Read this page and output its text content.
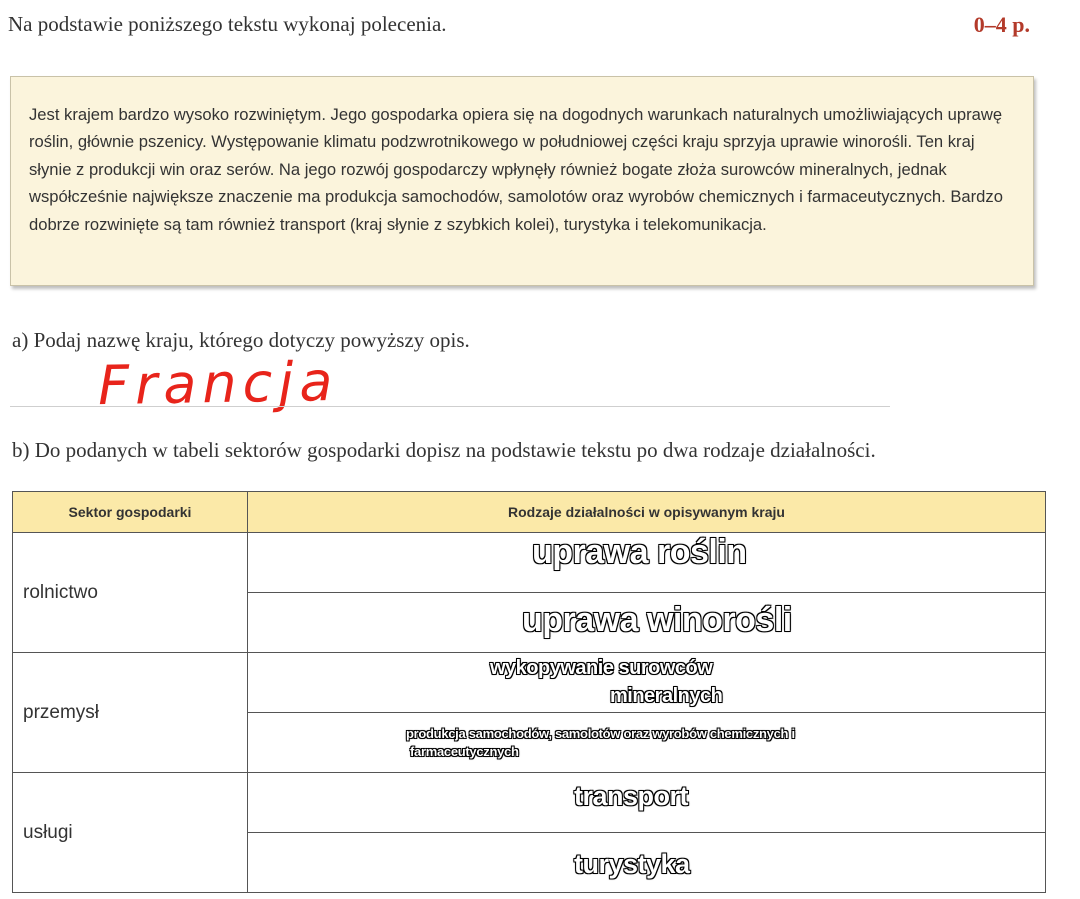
Na podstawie poniższego tekstu wykonaj polecenia.	0–4 p.

Jest krajem bardzo wysoko rozwiniętym. Jego gospodarka opiera się na dogodnych warunkach naturalnych umożliwiających uprawę roślin, głównie pszenicy. Występowanie klimatu podzwrotnikowego w południowej części kraju sprzyja uprawie winorośli. Ten kraj słynie z produkcji win oraz serów. Na jego rozwój gospodarczy wpłynęły również bogate złoża surowców mineralnych, jednak współcześnie największe znaczenie ma produkcja samochodów, samolotów oraz wyrobów chemicznych i farmaceutycznych. Bardzo dobrze rozwinięte są tam również transport (kraj słynie z szybkich kolei), turystyka i telekomunikacja.

a) Podaj nazwę kraju, którego dotyczy powyższy opis.
Francja
b) Do podanych w tabeli sektorów gospodarki dopisz na podstawie tekstu po dwa rodzaje działalności.
Sektor gospodarki	Rodzaje działalności w opisywanym kraju
rolnictwo	uprawa roślin

	uprawa winorośli

przemysł	wykopywanie surowców
mineralnych

	produkcja samochodów, samolotów oraz wyrobów chemicznych i
farmaceutycznych

usługi	transport

	turystyka
